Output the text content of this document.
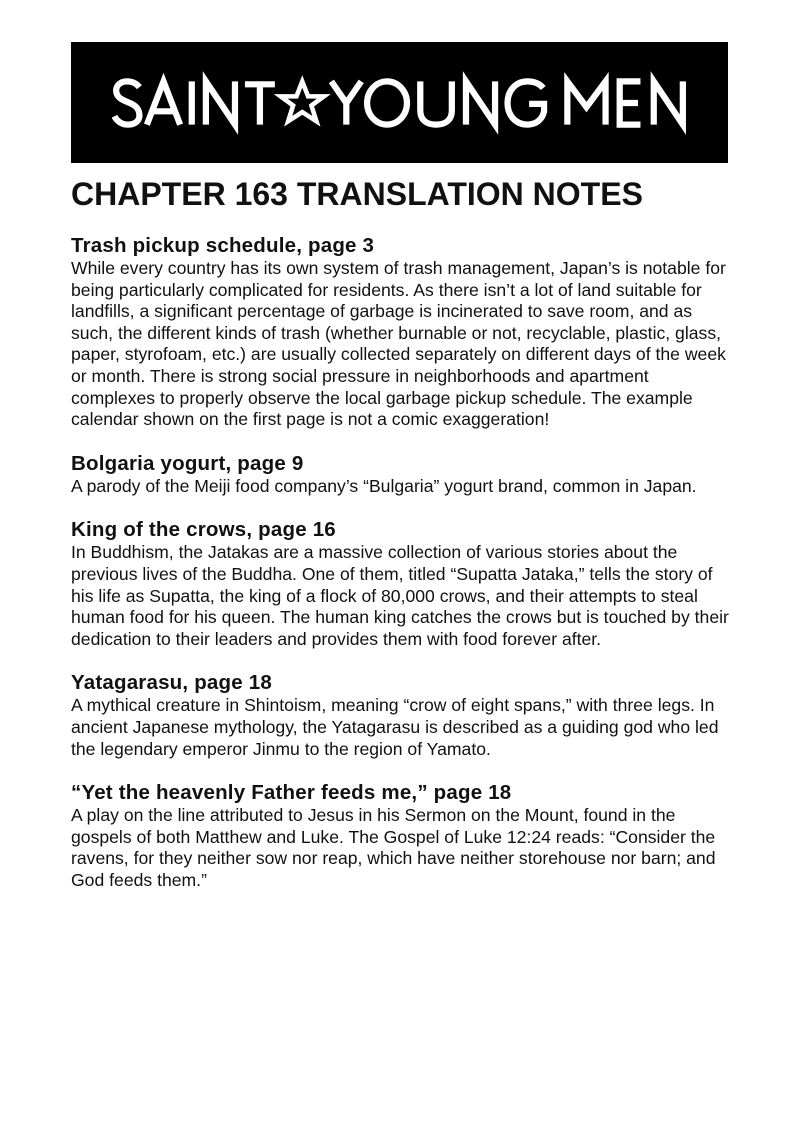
CHAPTER 163 TRANSLATION NOTES
Trash pickup schedule, page 3

While every country has its own system of trash management, Japan’s is notable for being particularly complicated for residents. As there isn’t a lot of land suitable for landfills, a significant percentage of garbage is incinerated to save room, and as such, the different kinds of trash (whether burnable or not, recyclable, plastic, glass, paper, styrofoam, etc.) are usually collected separately on different days of the week or month. There is strong social pressure in neighborhoods and apartment complexes to properly observe the local garbage pickup schedule. The example calendar shown on the first page is not a comic exaggeration!

Bolgaria yogurt, page 9

A parody of the Meiji food company’s “Bulgaria” yogurt brand, common in Japan.

King of the crows, page 16

In Buddhism, the Jatakas are a massive collection of various stories about the previous lives of the Buddha. One of them, titled “Supatta Jataka,” tells the story of his life as Supatta, the king of a flock of 80,000 crows, and their attempts to steal human food for his queen. The human king catches the crows but is touched by their dedication to their leaders and provides them with food forever after.

Yatagarasu, page 18

A mythical creature in Shintoism, meaning “crow of eight spans,” with three legs. In ancient Japanese mythology, the Yatagarasu is described as a guiding god who led the legendary emperor Jinmu to the region of Yamato.

“Yet the heavenly Father feeds me,” page 18

A play on the line attributed to Jesus in his Sermon on the Mount, found in the gospels of both Matthew and Luke. The Gospel of Luke 12:24 reads: “Consider the ravens, for they neither sow nor reap, which have neither storehouse nor barn; and God feeds them.”
